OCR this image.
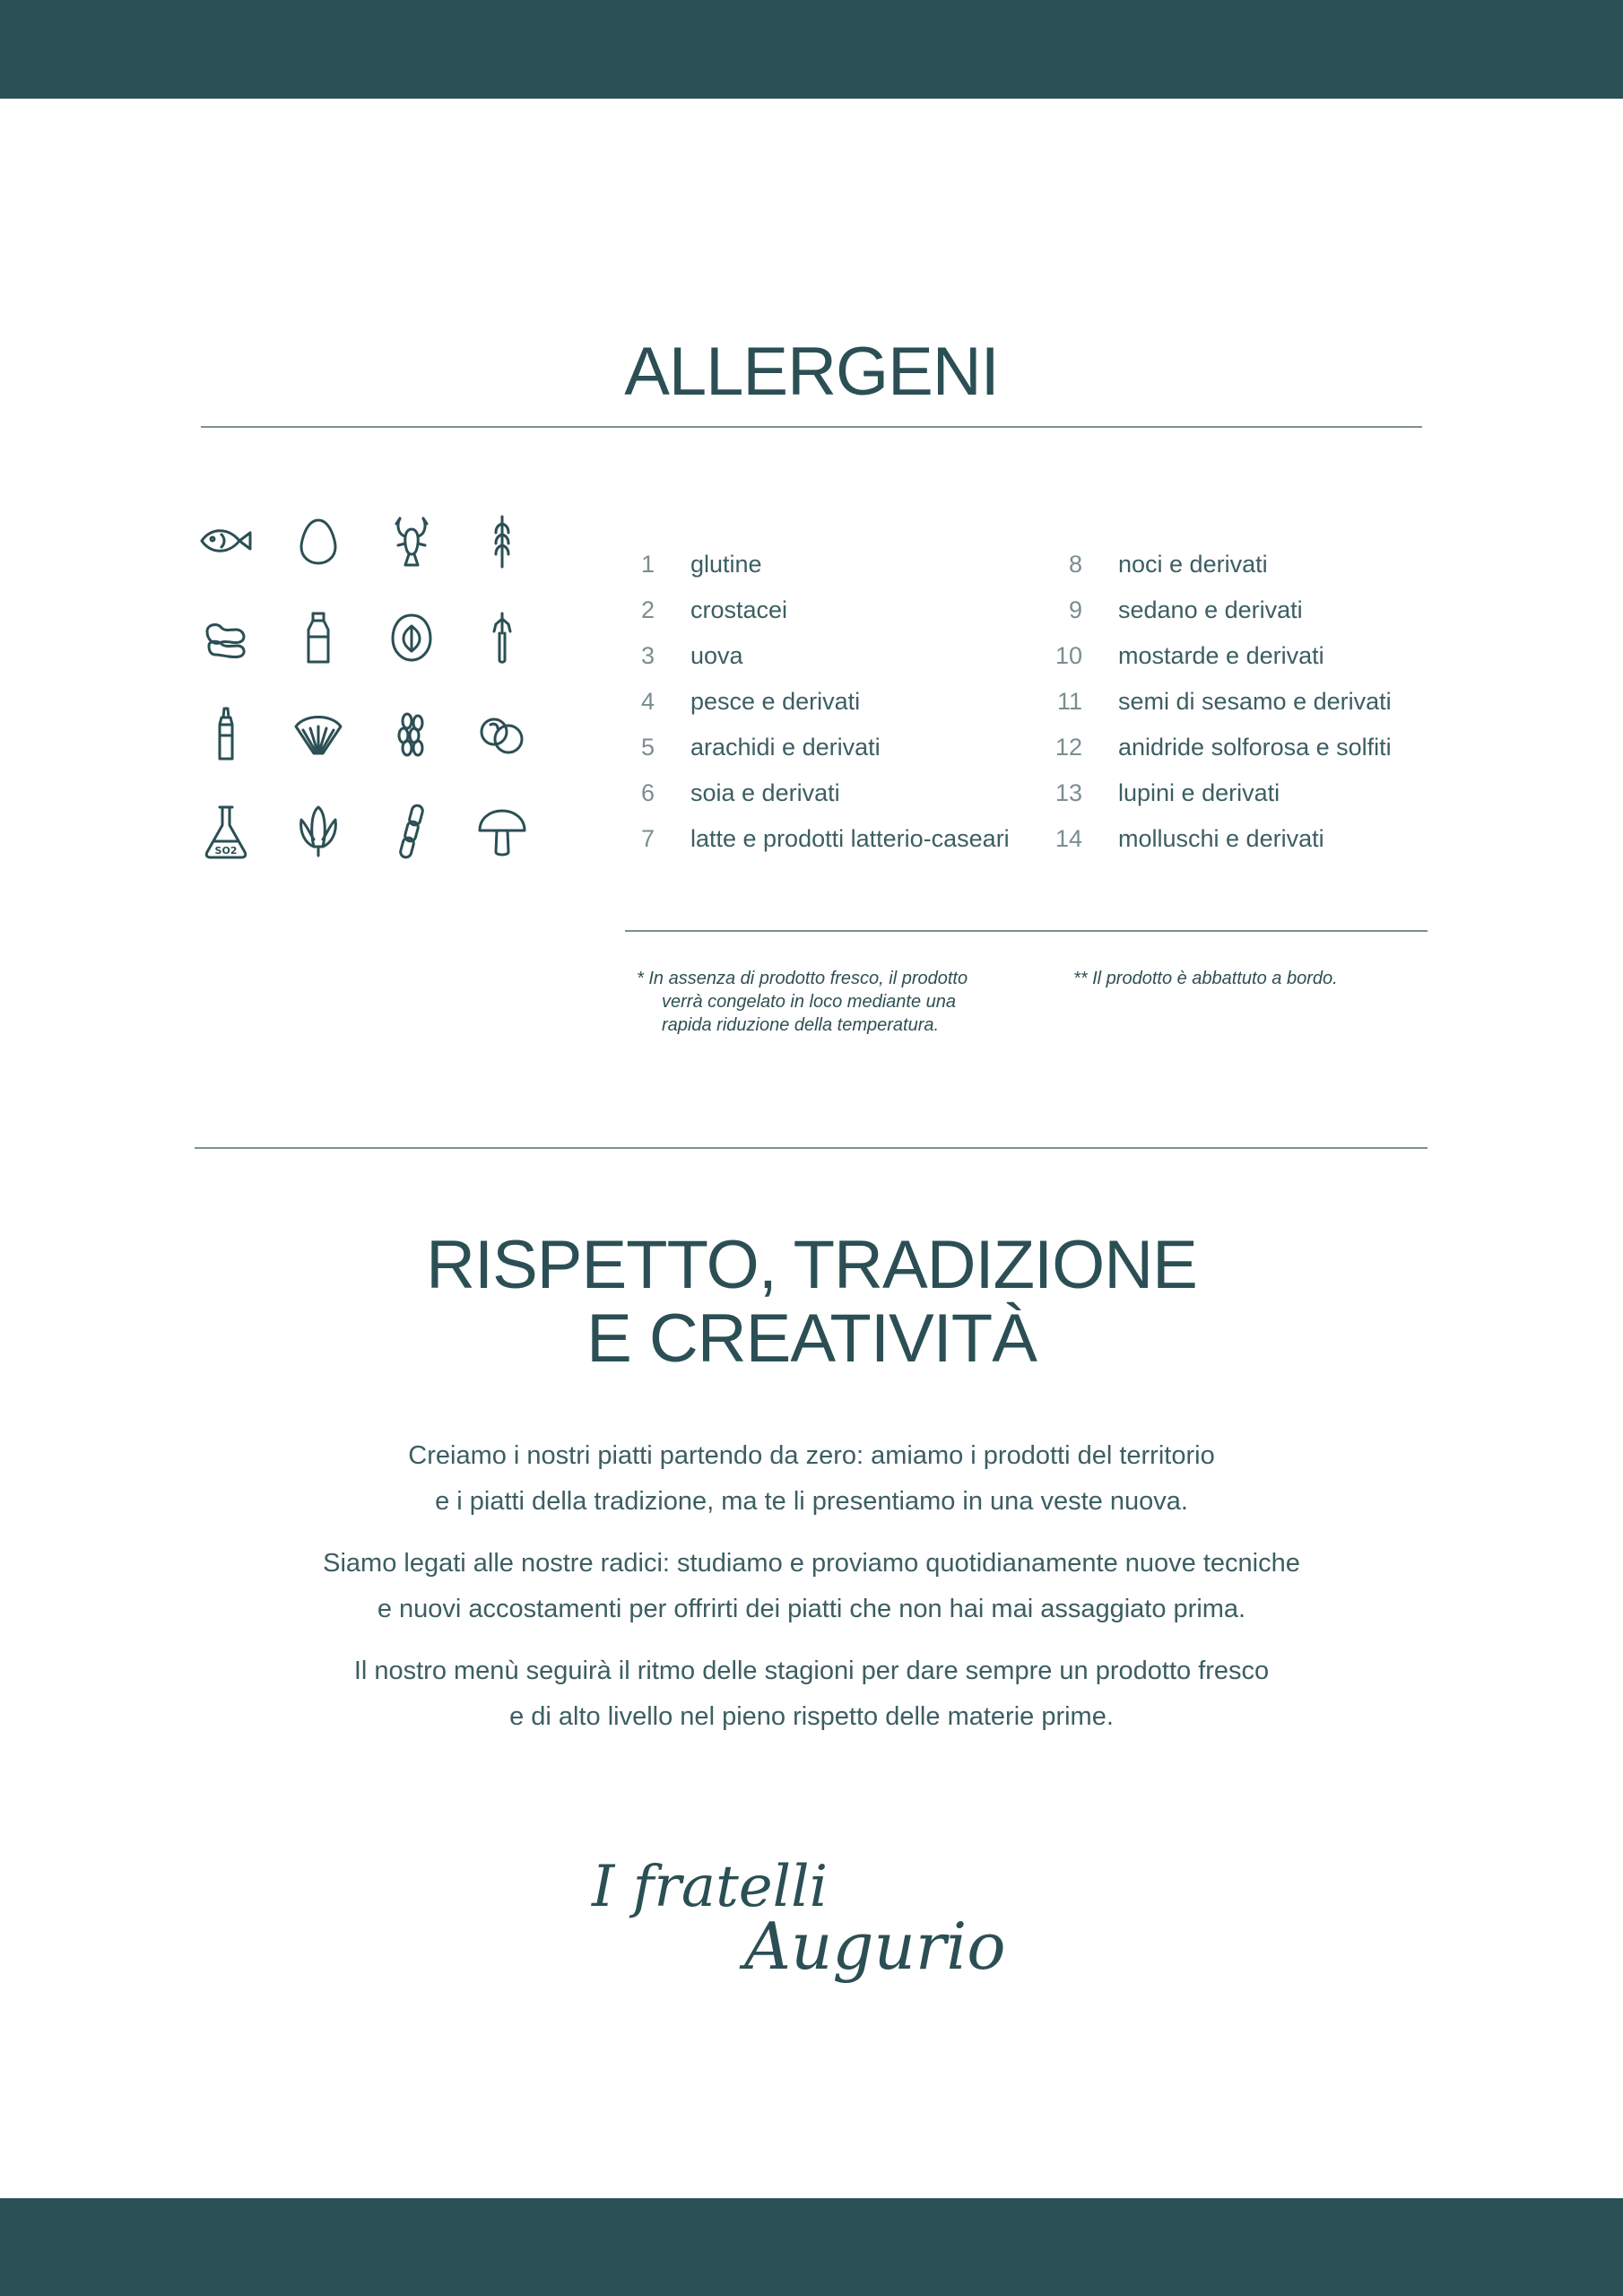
ALLERGENI
SO2
1 glutine
2 crostacei
3 uova
4 pesce e derivati
5 arachidi e derivati
6 soia e derivati
7 latte e prodotti latterio-caseari
8 noci e derivati
9 sedano e derivati
10 mostarde e derivati
11 semi di sesamo e derivati
12 anidride solforosa e solfiti
13 lupini e derivati
14 molluschi e derivati
* In assenza di prodotto fresco, il prodotto
verrà congelato in loco mediante una
rapida riduzione della temperatura.
** Il prodotto è abbattuto a bordo.
RISPETTO, TRADIZIONE
E CREATIVITÀ
Creiamo i nostri piatti partendo da zero: amiamo i prodotti del territorio
e i piatti della tradizione, ma te li presentiamo in una veste nuova.
Siamo legati alle nostre radici: studiamo e proviamo quotidianamente nuove tecniche
e nuovi accostamenti per offrirti dei piatti che non hai mai assaggiato prima.
Il nostro menù seguirà il ritmo delle stagioni per dare sempre un prodotto fresco
e di alto livello nel pieno rispetto delle materie prime.
I fratelli
Augurio
